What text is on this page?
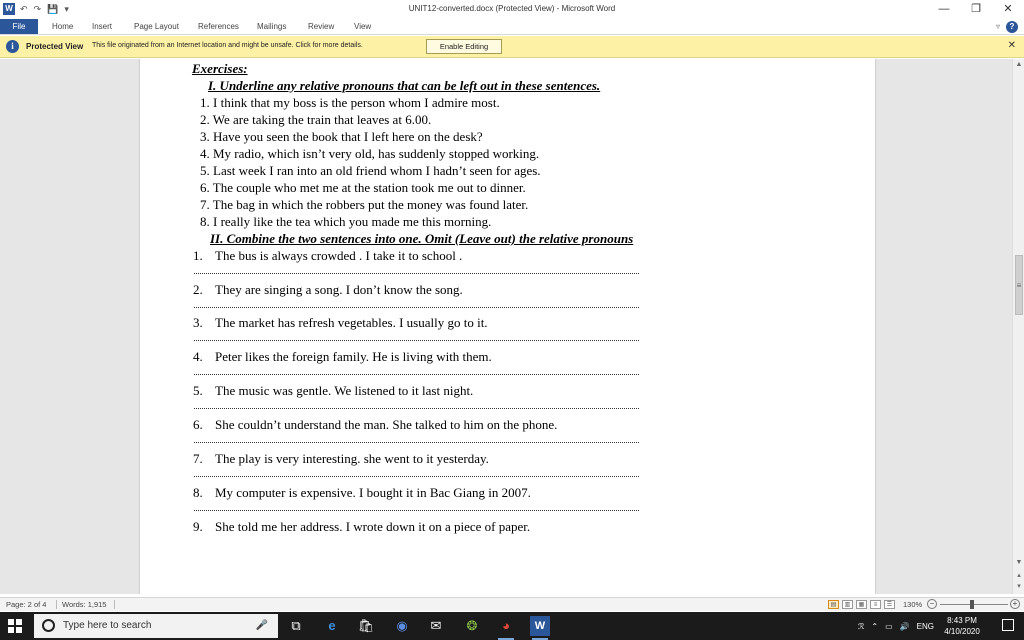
W ↶ ↷ 💾 ▾	UNIT12-converted.docx (Protected View) - Microsoft Word	—	❐	✕
File	Home Insert	Page Layout References Mailings	Review View	▿	?
i	Protected View This file originated from an Internet location and might be unsafe. Click for more details.	Enable Editing	✕
Exercises:
I. Underline any relative pronouns that can be left out in these sentences.
1. I think that my boss is the person whom I admire most.
2. We are taking the train that leaves at 6.00.
3. Have you seen the book that I left here on the desk?
4. My radio, which isn’t very old, has suddenly stopped working.
5. Last week I ran into an old friend whom I hadn’t seen for ages.
6. The couple who met me at the station took me out to dinner.
7. The bag in which the robbers put the money was found later.
8. I really like the tea which you made me this morning.
II. Combine the two sentences into one. Omit (Leave out) the relative pronouns
1. The bus is always crowded . I take it to school .
2. They are singing a song. I don’t know the song.
3. The market has refresh vegetables. I usually go to it.
4. Peter likes the foreign family. He is living with them.
5. The music was gentle. We listened to it last night.
6. She couldn’t understand the man. She talked to him on the phone.
7. The play is very interesting. she went to it yesterday.
8. My computer is expensive. I bought it in Bac Giang in 2007.
9. She told me her address. I wrote down it on a piece of paper.
▲
≡
▼
▴
▾
Page: 2 of 4 Words: 1,915	▤	▥	▦	≡	☰	130% −	+
Type here to search	🎤	⧉	e	🛍	◉	✉	❂	◕	W	ℛ ⌃ ▭ 🔊 ENG
8:43 PM
4/10/2020
